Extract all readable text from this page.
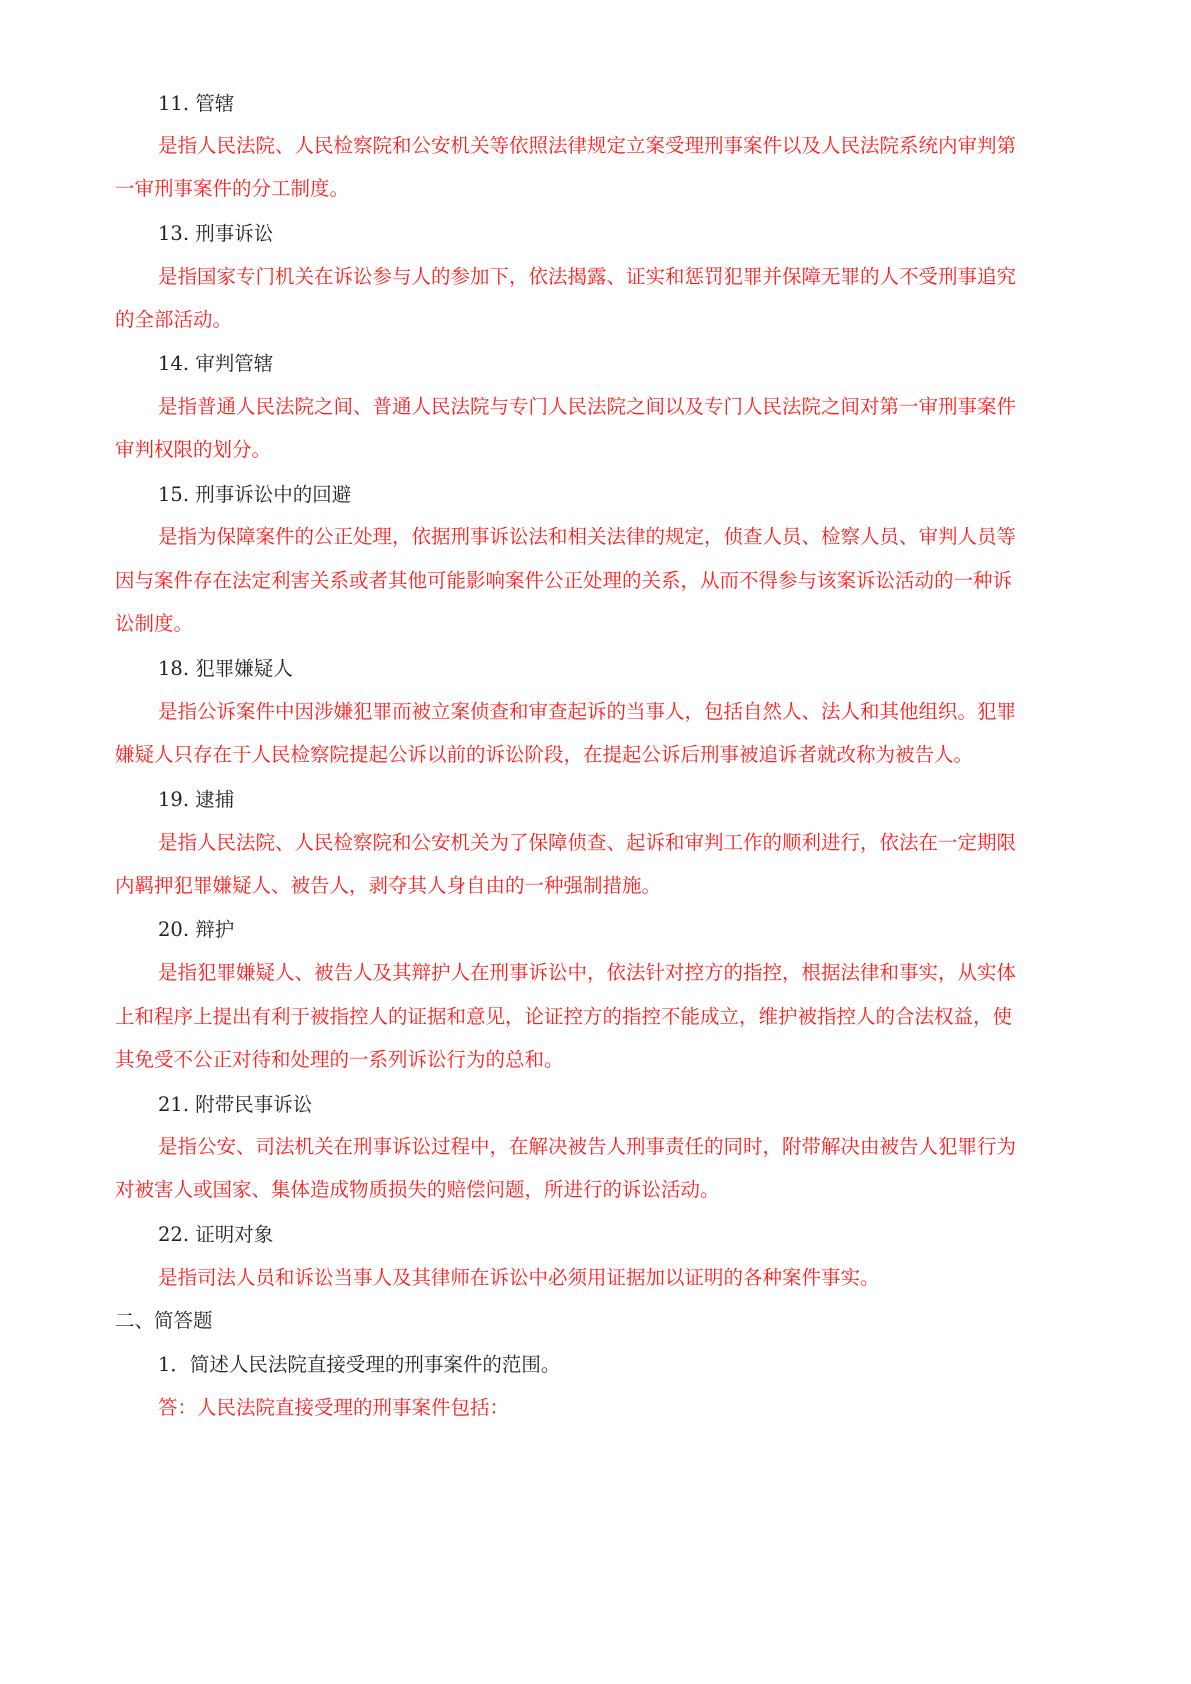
11. 管辖
是指人民法院、人民检察院和公安机关等依照法律规定立案受理刑事案件以及人民法院系统内审判第
一审刑事案件的分工制度。
13. 刑事诉讼
是指国家专门机关在诉讼参与人的参加下，依法揭露、证实和惩罚犯罪并保障无罪的人不受刑事追究
的全部活动。
14. 审判管辖
是指普通人民法院之间、普通人民法院与专门人民法院之间以及专门人民法院之间对第一审刑事案件
审判权限的划分。
15. 刑事诉讼中的回避
是指为保障案件的公正处理，依据刑事诉讼法和相关法律的规定，侦查人员、检察人员、审判人员等
因与案件存在法定利害关系或者其他可能影响案件公正处理的关系，从而不得参与该案诉讼活动的一种诉
讼制度。
18. 犯罪嫌疑人
是指公诉案件中因涉嫌犯罪而被立案侦查和审查起诉的当事人，包括自然人、法人和其他组织。犯罪
嫌疑人只存在于人民检察院提起公诉以前的诉讼阶段，在提起公诉后刑事被追诉者就改称为被告人。
19. 逮捕
是指人民法院、人民检察院和公安机关为了保障侦查、起诉和审判工作的顺利进行，依法在一定期限
内羁押犯罪嫌疑人、被告人，剥夺其人身自由的一种强制措施。
20. 辩护
是指犯罪嫌疑人、被告人及其辩护人在刑事诉讼中，依法针对控方的指控，根据法律和事实，从实体
上和程序上提出有利于被指控人的证据和意见，论证控方的指控不能成立，维护被指控人的合法权益，使
其免受不公正对待和处理的一系列诉讼行为的总和。
21. 附带民事诉讼
是指公安、司法机关在刑事诉讼过程中，在解决被告人刑事责任的同时，附带解决由被告人犯罪行为
对被害人或国家、集体造成物质损失的赔偿问题，所进行的诉讼活动。
22. 证明对象
是指司法人员和诉讼当事人及其律师在诉讼中必须用证据加以证明的各种案件事实。
二、简答题
1．简述人民法院直接受理的刑事案件的范围。
答：人民法院直接受理的刑事案件包括：
